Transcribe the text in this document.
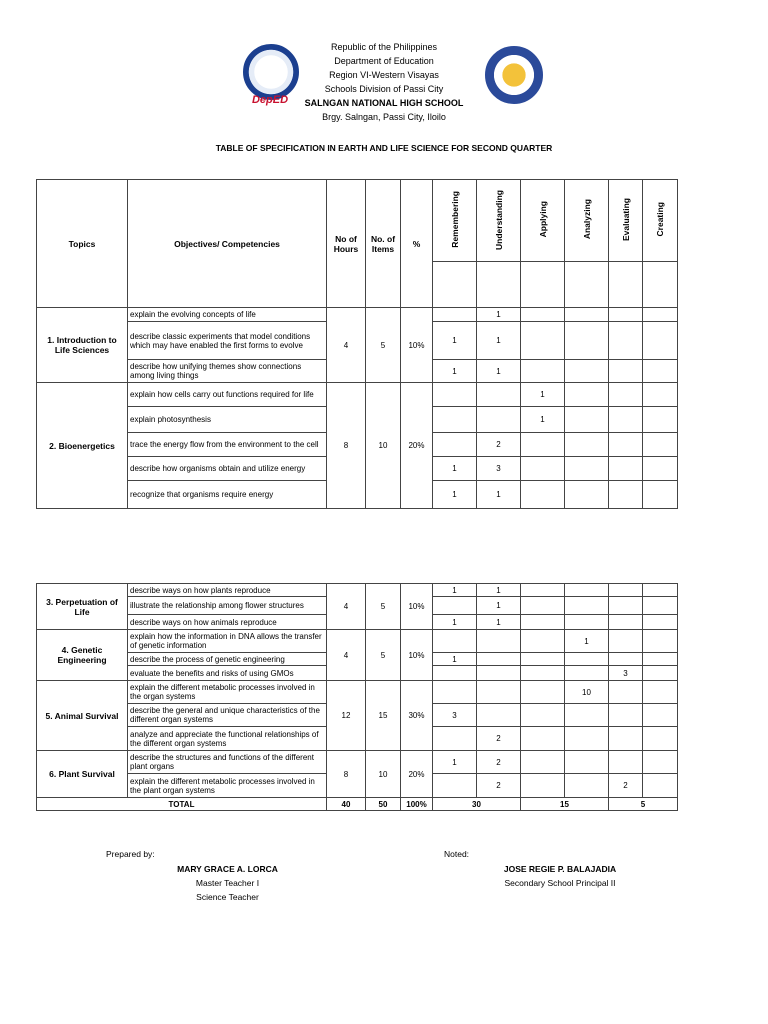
DepED
Republic of the Philippines
Department of Education
Region VI-Western Visayas
Schools Division of Passi City
SALNGAN NATIONAL HIGH SCHOOL
Brgy. Salngan, Passi City, Iloilo
TABLE OF SPECIFICATION IN EARTH AND LIFE SCIENCE FOR SECOND QUARTER
Topics	Objectives/ Competencies	No of Hours	No. of Items	%	Remembering	Understanding	Applying	Analyzing	Evaluating	Creating

1. Introduction to Life Sciences	explain the evolving concepts of life	4	5	10%		1				
	describe classic experiments that model conditions which may have enabled the first forms to evolve				1	1				
	describe how unifying themes show connections among living things				1	1				
2. Bioenergetics	explain how cells carry out functions required for life	8	10	20%			1			
	explain photosynthesis						1			
	trace the energy flow from the environment to the cell					2				
	describe how organisms obtain and utilize energy				1	3				
	recognize that organisms require energy				1	1				
3. Perpetuation of Life	describe ways on how plants reproduce	4	5	10%	1	1				
	illustrate the relationship among flower structures					1				
	describe ways on how animals reproduce				1	1				
4. Genetic Engineering	explain how the information in DNA allows the transfer of genetic information	4	5	10%				1		
	describe the process of genetic engineering				1					
	evaluate the benefits and risks of using GMOs								3	
5. Animal Survival	explain the different metabolic processes involved in the organ systems	12	15	30%				10		
	describe the general and unique characteristics of the different organ systems				3					
	analyze and appreciate the functional relationships of the different organ systems					2				
6. Plant Survival	describe the structures and functions of the different plant organs	8	10	20%	1	2				
	explain the different metabolic processes involved in the plant organ systems					2			2	
TOTAL		40	50	100%	30		15		5	
Prepared by:
MARY GRACE A. LORCA
Master Teacher I
Science Teacher
Noted:
JOSE REGIE P. BALAJADIA
Secondary School Principal II
